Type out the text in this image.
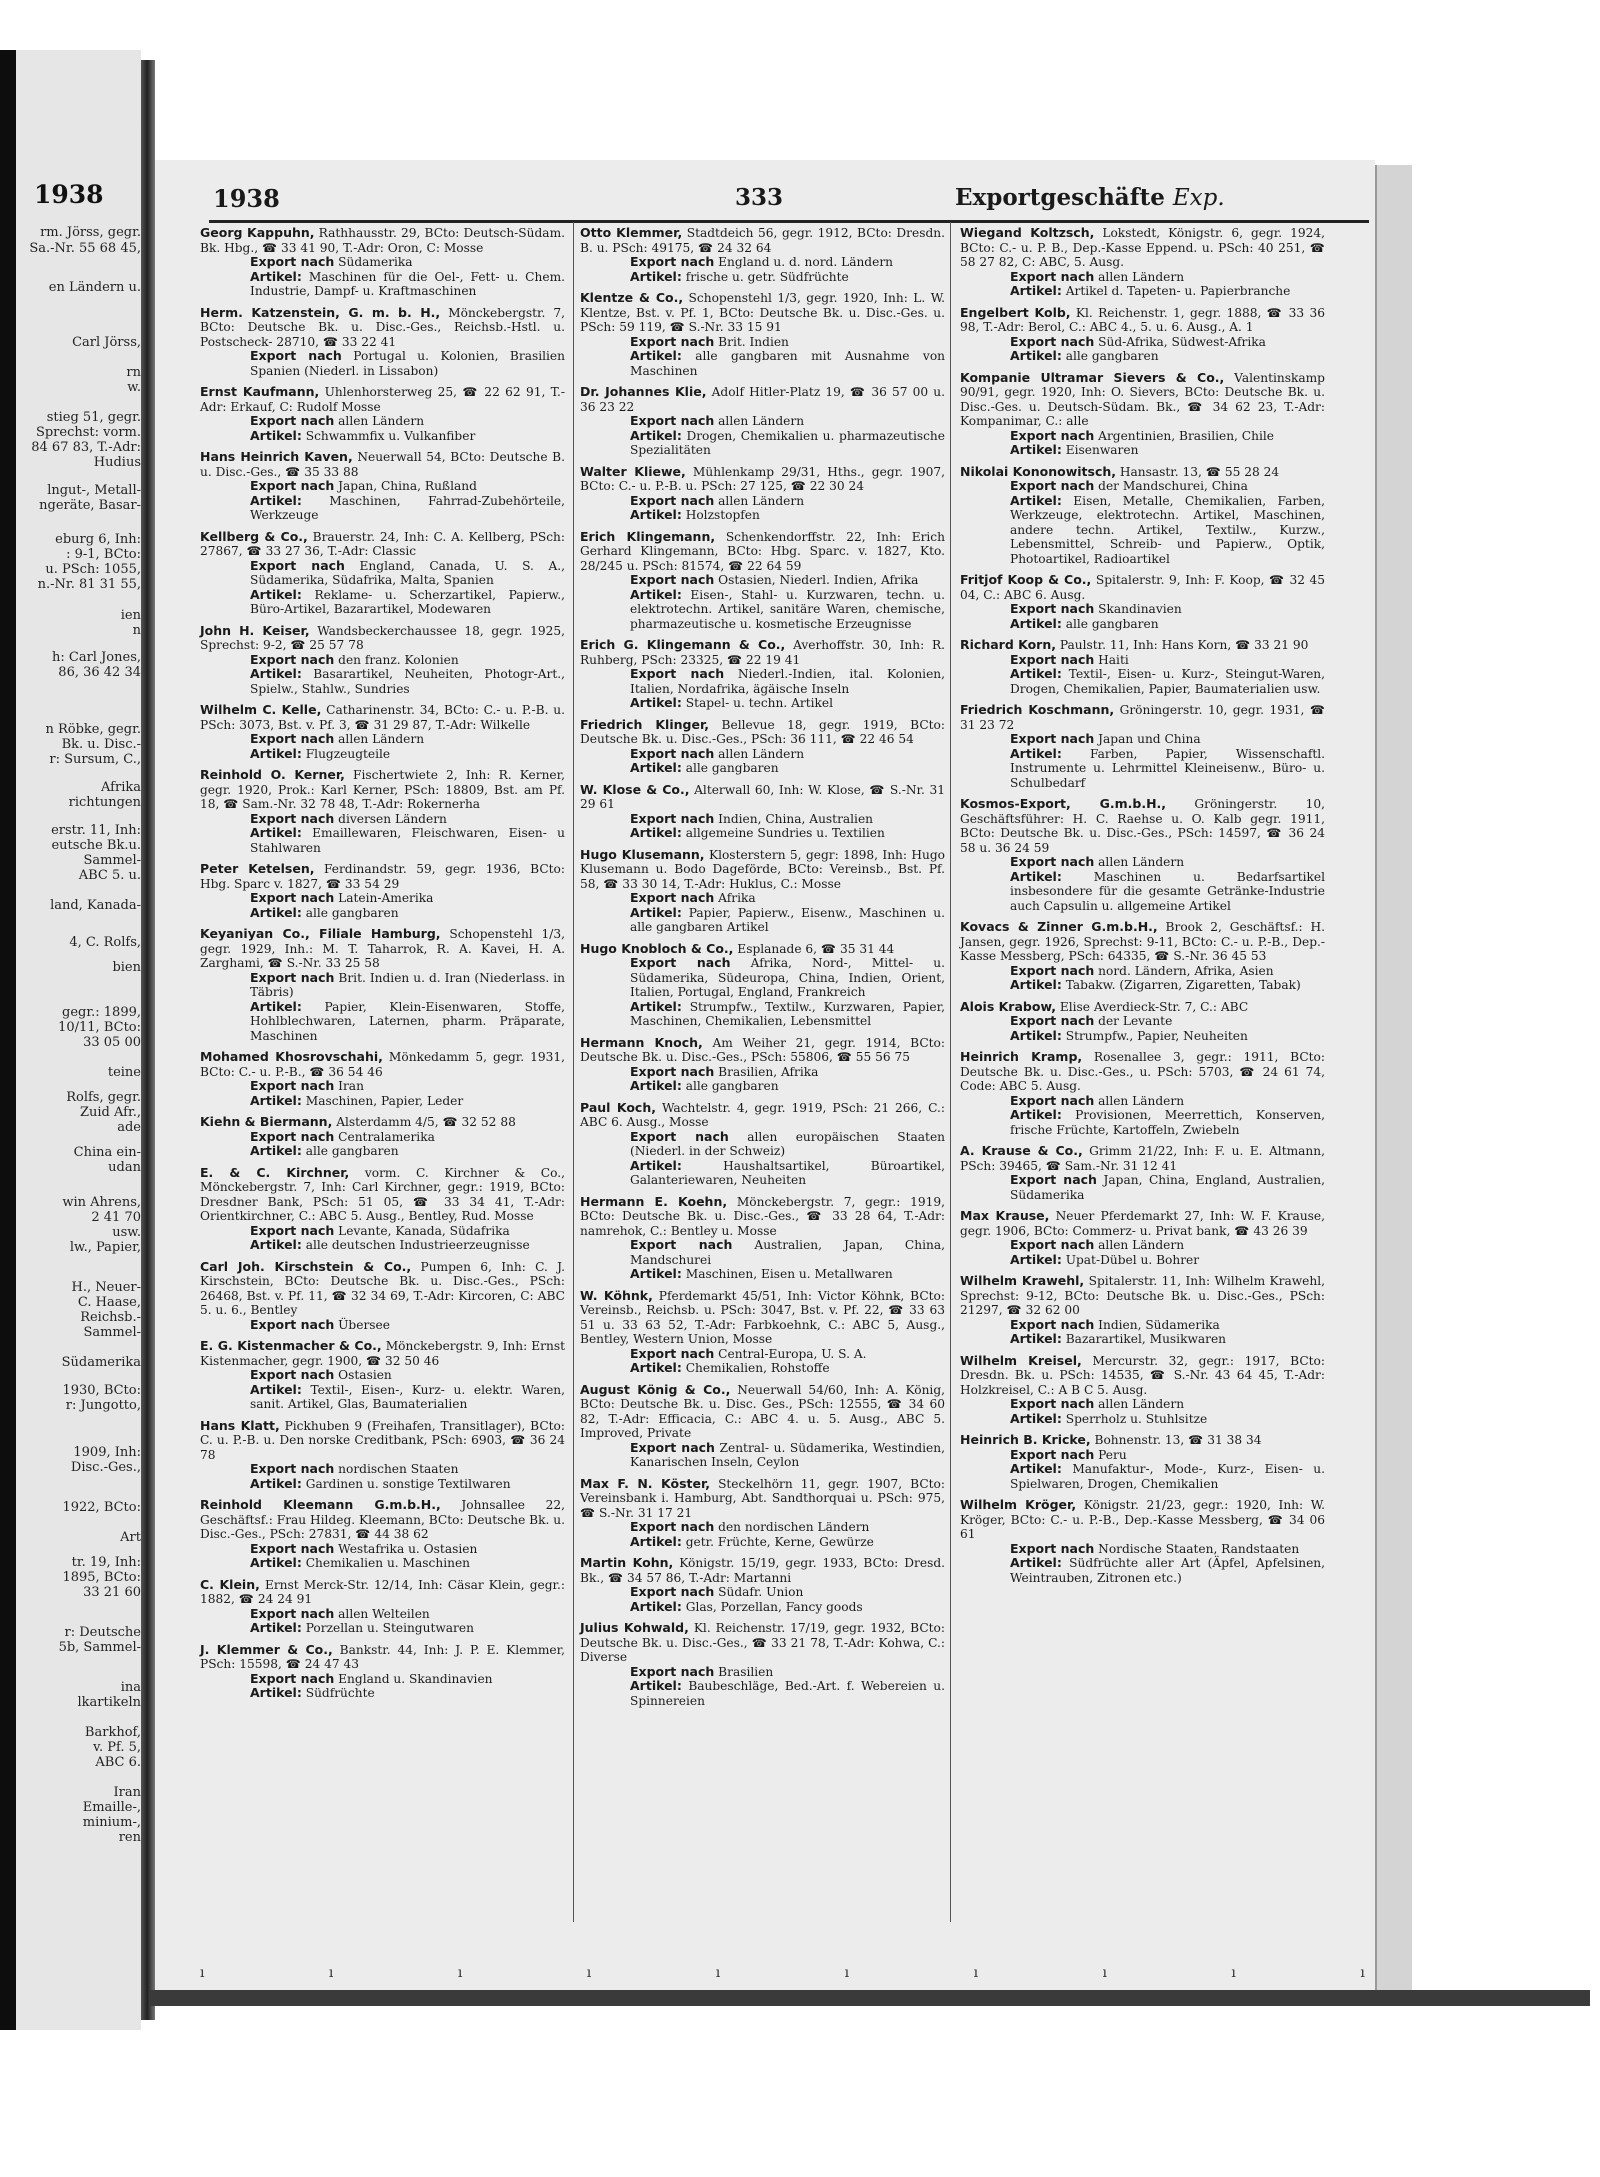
1938
rm. Jörss, gegr.
Sa.-Nr. 55 68 45,
en Ländern u.
Carl Jörss,
rn
w.
stieg 51, gegr.
Sprechst: vorm.
84 67 83, T.-Adr:
Hudius
lngut-, Metall-
ngeräte, Basar-
eburg 6, Inh:
: 9-1, BCto:
u. PSch: 1055,
n.-Nr. 81 31 55,
ien
n
h: Carl Jones,
86, 36 42 34
n Röbke, gegr.
Bk. u. Disc.-
r: Sursum, C.,
Afrika
richtungen
erstr. 11, Inh:
eutsche Bk.u.
Sammel-
ABC 5. u.
land, Kanada-
4, C. Rolfs,
bien
gegr.: 1899,
10/11, BCto:
33 05 00
teine
Rolfs, gegr.
Zuid Afr.,
ade
China ein-
udan
win Ahrens,
2 41 70
usw.
lw., Papier,
H., Neuer-
C. Haase,
Reichsb.-
Sammel-
Südamerika
1930, BCto:
r: Jungotto,
1909, Inh:
Disc.-Ges.,
1922, BCto:
Art
tr. 19, Inh:
1895, BCto:
33 21 60
r: Deutsche
5b, Sammel-
ina
lkartikeln
Barkhof,
v. Pf. 5,
ABC 6.
Iran
Emaille-,
minium-,
ren
1938	333	Exportgeschäfte Exp.
Georg Kappuhn, Rathhausstr. 29, BCto: Deutsch-Südam. Bk. Hbg., ☎ 33 41 90, T.-Adr: Oron, C: Mosse
Export nach Südamerika
Artikel: Maschinen für die Oel-, Fett- u. Chem. Industrie, Dampf- u. Kraftmaschinen
Herm. Katzenstein, G. m. b. H., Mönckebergstr. 7, BCto: Deutsche Bk. u. Disc.-Ges., Reichsb.-Hstl. u. Postscheck- 28710, ☎ 33 22 41
Export nach Portugal u. Kolonien, Brasilien Spanien (Niederl. in Lissabon)
Ernst Kaufmann, Uhlenhorsterweg 25, ☎ 22 62 91, T.-Adr: Erkauf, C: Rudolf Mosse
Export nach allen Ländern
Artikel: Schwammfix u. Vulkanfiber
Hans Heinrich Kaven, Neuerwall 54, BCto: Deutsche B. u. Disc.-Ges., ☎ 35 33 88
Export nach Japan, China, Rußland
Artikel: Maschinen, Fahrrad-Zubehörteile, Werkzeuge
Kellberg & Co., Brauerstr. 24, Inh: C. A. Kellberg, PSch: 27867, ☎ 33 27 36, T.-Adr: Classic
Export nach England, Canada, U. S. A., Südamerika, Südafrika, Malta, Spanien
Artikel: Reklame- u. Scherzartikel, Papierw., Büro-Artikel, Bazarartikel, Modewaren
John H. Keiser, Wandsbeckerchaussee 18, gegr. 1925, Sprechst: 9-2, ☎ 25 57 78
Export nach den franz. Kolonien
Artikel: Basarartikel, Neuheiten, Photogr-Art., Spielw., Stahlw., Sundries
Wilhelm C. Kelle, Catharinenstr. 34, BCto: C.- u. P.-B. u. PSch: 3073, Bst. v. Pf. 3, ☎ 31 29 87, T.-Adr: Wilkelle
Export nach allen Ländern
Artikel: Flugzeugteile
Reinhold O. Kerner, Fischertwiete 2, Inh: R. Kerner, gegr. 1920, Prok.: Karl Kerner, PSch: 18809, Bst. am Pf. 18, ☎ Sam.-Nr. 32 78 48, T.-Adr: Rokernerha
Export nach diversen Ländern
Artikel: Emaillewaren, Fleischwaren, Eisen- u Stahlwaren
Peter Ketelsen, Ferdinandstr. 59, gegr. 1936, BCto: Hbg. Sparc v. 1827, ☎ 33 54 29
Export nach Latein-Amerika
Artikel: alle gangbaren
Keyaniyan Co., Filiale Hamburg, Schopenstehl 1/3, gegr. 1929, Inh.: M. T. Taharrok, R. A. Kavei, H. A. Zarghami, ☎ S.-Nr. 33 25 58
Export nach Brit. Indien u. d. Iran (Niederlass. in Täbris)
Artikel: Papier, Klein-Eisenwaren, Stoffe, Hohlblechwaren, Laternen, pharm. Präparate, Maschinen
Mohamed Khosrovschahi, Mönkedamm 5, gegr. 1931, BCto: C.- u. P.-B., ☎ 36 54 46
Export nach Iran
Artikel: Maschinen, Papier, Leder
Kiehn & Biermann, Alsterdamm 4/5, ☎ 32 52 88
Export nach Centralamerika
Artikel: alle gangbaren
E. & C. Kirchner, vorm. C. Kirchner & Co., Mönckebergstr. 7, Inh: Carl Kirchner, gegr.: 1919, BCto: Dresdner Bank, PSch: 51 05, ☎ 33 34 41, T.-Adr: Orientkirchner, C.: ABC 5. Ausg., Bentley, Rud. Mosse
Export nach Levante, Kanada, Südafrika
Artikel: alle deutschen Industrieerzeugnisse
Carl Joh. Kirschstein & Co., Pumpen 6, Inh: C. J. Kirschstein, BCto: Deutsche Bk. u. Disc.-Ges., PSch: 26468, Bst. v. Pf. 11, ☎ 32 34 69, T.-Adr: Kircoren, C: ABC 5. u. 6., Bentley
Export nach Übersee
E. G. Kistenmacher & Co., Mönckebergstr. 9, Inh: Ernst Kistenmacher, gegr. 1900, ☎ 32 50 46
Export nach Ostasien
Artikel: Textil-, Eisen-, Kurz- u. elektr. Waren, sanit. Artikel, Glas, Baumaterialien
Hans Klatt, Pickhuben 9 (Freihafen, Transitlager), BCto: C. u. P.-B. u. Den norske Creditbank, PSch: 6903, ☎ 36 24 78
Export nach nordischen Staaten
Artikel: Gardinen u. sonstige Textilwaren
Reinhold Kleemann G.m.b.H., Johnsallee 22, Geschäftsf.: Frau Hildeg. Kleemann, BCto: Deutsche Bk. u. Disc.-Ges., PSch: 27831, ☎ 44 38 62
Export nach Westafrika u. Ostasien
Artikel: Chemikalien u. Maschinen
C. Klein, Ernst Merck-Str. 12/14, Inh: Cäsar Klein, gegr.: 1882, ☎ 24 24 91
Export nach allen Welteilen
Artikel: Porzellan u. Steingutwaren
J. Klemmer & Co., Bankstr. 44, Inh: J. P. E. Klemmer, PSch: 15598, ☎ 24 47 43
Export nach England u. Skandinavien
Artikel: Südfrüchte
Otto Klemmer, Stadtdeich 56, gegr. 1912, BCto: Dresdn. B. u. PSch: 49175, ☎ 24 32 64
Export nach England u. d. nord. Ländern
Artikel: frische u. getr. Südfrüchte
Klentze & Co., Schopenstehl 1/3, gegr. 1920, Inh: L. W. Klentze, Bst. v. Pf. 1, BCto: Deutsche Bk. u. Disc.-Ges. u. PSch: 59 119, ☎ S.-Nr. 33 15 91
Export nach Brit. Indien
Artikel: alle gangbaren mit Ausnahme von Maschinen
Dr. Johannes Klie, Adolf Hitler-Platz 19, ☎ 36 57 00 u. 36 23 22
Export nach allen Ländern
Artikel: Drogen, Chemikalien u. pharmazeutische Spezialitäten
Walter Kliewe, Mühlenkamp 29/31, Hths., gegr. 1907, BCto: C.- u. P.-B. u. PSch: 27 125, ☎ 22 30 24
Export nach allen Ländern
Artikel: Holzstopfen
Erich Klingemann, Schenkendorffstr. 22, Inh: Erich Gerhard Klingemann, BCto: Hbg. Sparc. v. 1827, Kto. 28/245 u. PSch: 81574, ☎ 22 64 59
Export nach Ostasien, Niederl. Indien, Afrika
Artikel: Eisen-, Stahl- u. Kurzwaren, techn. u. elektrotechn. Artikel, sanitäre Waren, chemische, pharmazeutische u. kosmetische Erzeugnisse
Erich G. Klingemann & Co., Averhoffstr. 30, Inh: R. Ruhberg, PSch: 23325, ☎ 22 19 41
Export nach Niederl.-Indien, ital. Kolonien, Italien, Nordafrika, ägäische Inseln
Artikel: Stapel- u. techn. Artikel
Friedrich Klinger, Bellevue 18, gegr. 1919, BCto: Deutsche Bk. u. Disc.-Ges., PSch: 36 111, ☎ 22 46 54
Export nach allen Ländern
Artikel: alle gangbaren
W. Klose & Co., Alterwall 60, Inh: W. Klose, ☎ S.-Nr. 31 29 61
Export nach Indien, China, Australien
Artikel: allgemeine Sundries u. Textilien
Hugo Klusemann, Klosterstern 5, gegr: 1898, Inh: Hugo Klusemann u. Bodo Dageförde, BCto: Vereinsb., Bst. Pf. 58, ☎ 33 30 14, T.-Adr: Huklus, C.: Mosse
Export nach Afrika
Artikel: Papier, Papierw., Eisenw., Maschinen u. alle gangbaren Artikel
Hugo Knobloch & Co., Esplanade 6, ☎ 35 31 44
Export nach Afrika, Nord-, Mittel- u. Südamerika, Südeuropa, China, Indien, Orient, Italien, Portugal, England, Frankreich
Artikel: Strumpfw., Textilw., Kurzwaren, Papier, Maschinen, Chemikalien, Lebensmittel
Hermann Knoch, Am Weiher 21, gegr. 1914, BCto: Deutsche Bk. u. Disc.-Ges., PSch: 55806, ☎ 55 56 75
Export nach Brasilien, Afrika
Artikel: alle gangbaren
Paul Koch, Wachtelstr. 4, gegr. 1919, PSch: 21 266, C.: ABC 6. Ausg., Mosse
Export nach allen europäischen Staaten (Niederl. in der Schweiz)
Artikel:	Haushaltsartikel, Büroartikel, Galanteriewaren, Neuheiten
Hermann E. Koehn, Mönckebergstr. 7, gegr.: 1919, BCto: Deutsche Bk. u. Disc.-Ges., ☎ 33 28 64, T.-Adr: namrehok, C.: Bentley u. Mosse
Export nach Australien, Japan, China, Mandschurei
Artikel: Maschinen, Eisen u. Metallwaren
W. Köhnk, Pferdemarkt 45/51, Inh: Victor Köhnk, BCto: Vereinsb., Reichsb. u. PSch: 3047, Bst. v. Pf. 22, ☎ 33 63 51 u. 33 63 52, T.-Adr: Farbkoehnk, C.: ABC 5, Ausg., Bentley, Western Union, Mosse
Export nach Central-Europa, U. S. A.
Artikel: Chemikalien, Rohstoffe
August König & Co., Neuerwall 54/60, Inh: A. König, BCto: Deutsche Bk. u. Disc. Ges., PSch: 12555, ☎ 34 60 82, T.-Adr: Efficacia, C.: ABC 4. u. 5. Ausg., ABC 5. Improved, Private
Export nach Zentral- u. Südamerika, Westindien, Kanarischen Inseln, Ceylon
Max F. N. Köster, Steckelhörn 11, gegr. 1907, BCto: Vereinsbank i. Hamburg, Abt. Sandthorquai u. PSch: 975, ☎ S.-Nr. 31 17 21
Export nach den nordischen Ländern
Artikel: getr. Früchte, Kerne, Gewürze
Martin Kohn, Königstr. 15/19, gegr. 1933, BCto: Dresd. Bk., ☎ 34 57 86, T.-Adr: Martanni
Export nach Südafr. Union
Artikel: Glas, Porzellan, Fancy goods
Julius Kohwald, Kl. Reichenstr. 17/19, gegr. 1932, BCto: Deutsche Bk. u. Disc.-Ges., ☎ 33 21 78, T.-Adr: Kohwa, C.: Diverse
Export nach Brasilien
Artikel: Baubeschläge, Bed.-Art. f. Webereien u. Spinnereien
Wiegand Koltzsch, Lokstedt, Königstr. 6, gegr. 1924, BCto: C.- u. P. B., Dep.-Kasse Eppend. u. PSch: 40 251, ☎ 58 27 82, C: ABC, 5. Ausg.
Export nach allen Ländern
Artikel: Artikel d. Tapeten- u. Papierbranche
Engelbert Kolb, Kl. Reichenstr. 1, gegr. 1888, ☎ 33 36 98, T.-Adr: Berol, C.: ABC 4., 5. u. 6. Ausg., A. 1
Export nach Süd-Afrika, Südwest-Afrika
Artikel: alle gangbaren
Kompanie Ultramar Sievers & Co., Valentinskamp 90/91, gegr. 1920, Inh: O. Sievers, BCto: Deutsche Bk. u. Disc.-Ges. u. Deutsch-Südam. Bk., ☎ 34 62 23, T.-Adr: Kompanimar, C.: alle
Export nach Argentinien, Brasilien, Chile
Artikel: Eisenwaren
Nikolai Kononowitsch, Hansastr. 13, ☎ 55 28 24
Export nach der Mandschurei, China
Artikel: Eisen, Metalle, Chemikalien, Farben, Werkzeuge, elektrotechn. Artikel, Maschinen, andere techn. Artikel, Textilw., Kurzw., Lebensmittel, Schreib- und Papierw., Optik, Photoartikel, Radioartikel
Fritjof Koop & Co., Spitalerstr. 9, Inh: F. Koop, ☎ 32 45 04, C.: ABC 6. Ausg.
Export nach Skandinavien
Artikel: alle gangbaren
Richard Korn, Paulstr. 11, Inh: Hans Korn, ☎ 33 21 90
Export nach Haiti
Artikel: Textil-, Eisen- u. Kurz-, Steingut-Waren, Drogen, Chemikalien, Papier, Baumaterialien usw.
Friedrich Koschmann, Gröningerstr. 10, gegr. 1931, ☎ 31 23 72
Export nach Japan und China
Artikel: Farben, Papier, Wissenschaftl. Instrumente u. Lehrmittel Kleineisenw., Büro- u. Schulbedarf
Kosmos-Export, G.m.b.H., Gröningerstr. 10, Geschäftsführer: H. C. Raehse u. O. Kalb gegr. 1911, BCto: Deutsche Bk. u. Disc.-Ges., PSch: 14597, ☎ 36 24 58 u. 36 24 59
Export nach allen Ländern
Artikel:	Maschinen u. Bedarfsartikel insbesondere für die gesamte Getränke-Industrie auch Capsulin u. allgemeine Artikel
Kovacs & Zinner G.m.b.H., Brook 2, Geschäftsf.: H. Jansen, gegr. 1926, Sprechst: 9-11, BCto: C.- u. P.-B., Dep.-Kasse Messberg, PSch: 64335, ☎ S.-Nr. 36 45 53
Export nach nord. Ländern, Afrika, Asien
Artikel: Tabakw. (Zigarren, Zigaretten, Tabak)
Alois Krabow, Elise Averdieck-Str. 7, C.: ABC
Export nach der Levante
Artikel: Strumpfw., Papier, Neuheiten
Heinrich Kramp, Rosenallee 3, gegr.: 1911, BCto: Deutsche Bk. u. Disc.-Ges., u. PSch: 5703, ☎ 24 61 74, Code: ABC 5. Ausg.
Export nach allen Ländern
Artikel: Provisionen, Meerrettich, Konserven, frische Früchte, Kartoffeln, Zwiebeln
A. Krause & Co., Grimm 21/22, Inh: F. u. E. Altmann, PSch: 39465, ☎ Sam.-Nr. 31 12 41
Export nach Japan, China, England, Australien, Südamerika
Max Krause, Neuer Pferdemarkt 27, Inh: W. F. Krause, gegr. 1906, BCto: Commerz- u. Privat bank, ☎ 43 26 39
Export nach allen Ländern
Artikel: Upat-Dübel u. Bohrer
Wilhelm Krawehl, Spitalerstr. 11, Inh: Wilhelm Krawehl, Sprechst: 9-12, BCto: Deutsche Bk. u. Disc.-Ges., PSch: 21297, ☎ 32 62 00
Export nach Indien, Südamerika
Artikel: Bazarartikel, Musikwaren
Wilhelm Kreisel, Mercurstr. 32, gegr.: 1917, BCto: Dresdn. Bk. u. PSch: 14535, ☎ S.-Nr. 43 64 45, T.-Adr: Holzkreisel, C.: A B C 5. Ausg.
Export nach allen Ländern
Artikel: Sperrholz u. Stuhlsitze
Heinrich B. Kricke, Bohnenstr. 13, ☎ 31 38 34
Export nach Peru
Artikel: Manufaktur-, Mode-, Kurz-, Eisen- u. Spielwaren, Drogen, Chemikalien
Wilhelm Kröger, Königstr. 21/23, gegr.: 1920, Inh: W. Kröger, BCto: C.- u. P.-B., Dep.-Kasse Messberg, ☎ 34 06 61
Export nach Nordische Staaten, Randstaaten
Artikel: Südfrüchte aller Art (Äpfel, Apfelsinen, Weintrauben, Zitronen etc.)
ı ı ı ı ı ı ı ı ı ı
